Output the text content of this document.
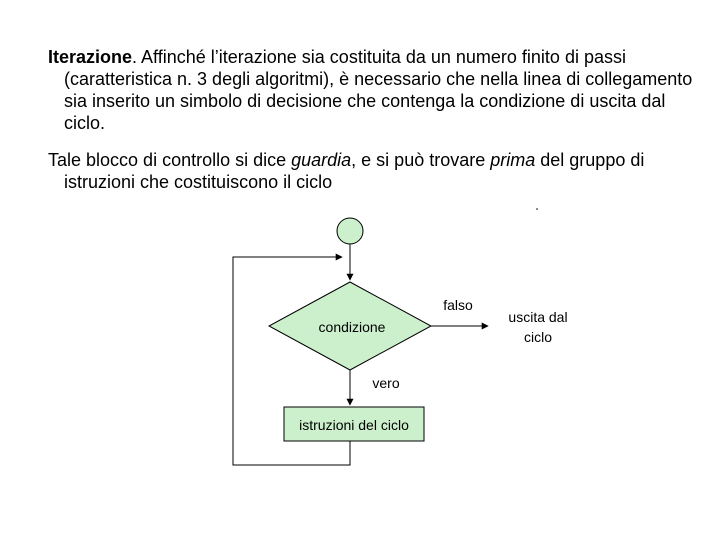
Iterazione. Affinché l’iterazione sia costituita da un numero finito di passi (caratteristica n. 3 degli algoritmi), è necessario che nella linea di collegamento sia inserito un simbolo di decisione che contenga la condizione di uscita dal ciclo.
Tale blocco di controllo si dice guardia, e si può trovare prima del gruppo di istruzioni che costituiscono il ciclo
condizione
falso
uscita dal
ciclo
vero
istruzioni del ciclo
